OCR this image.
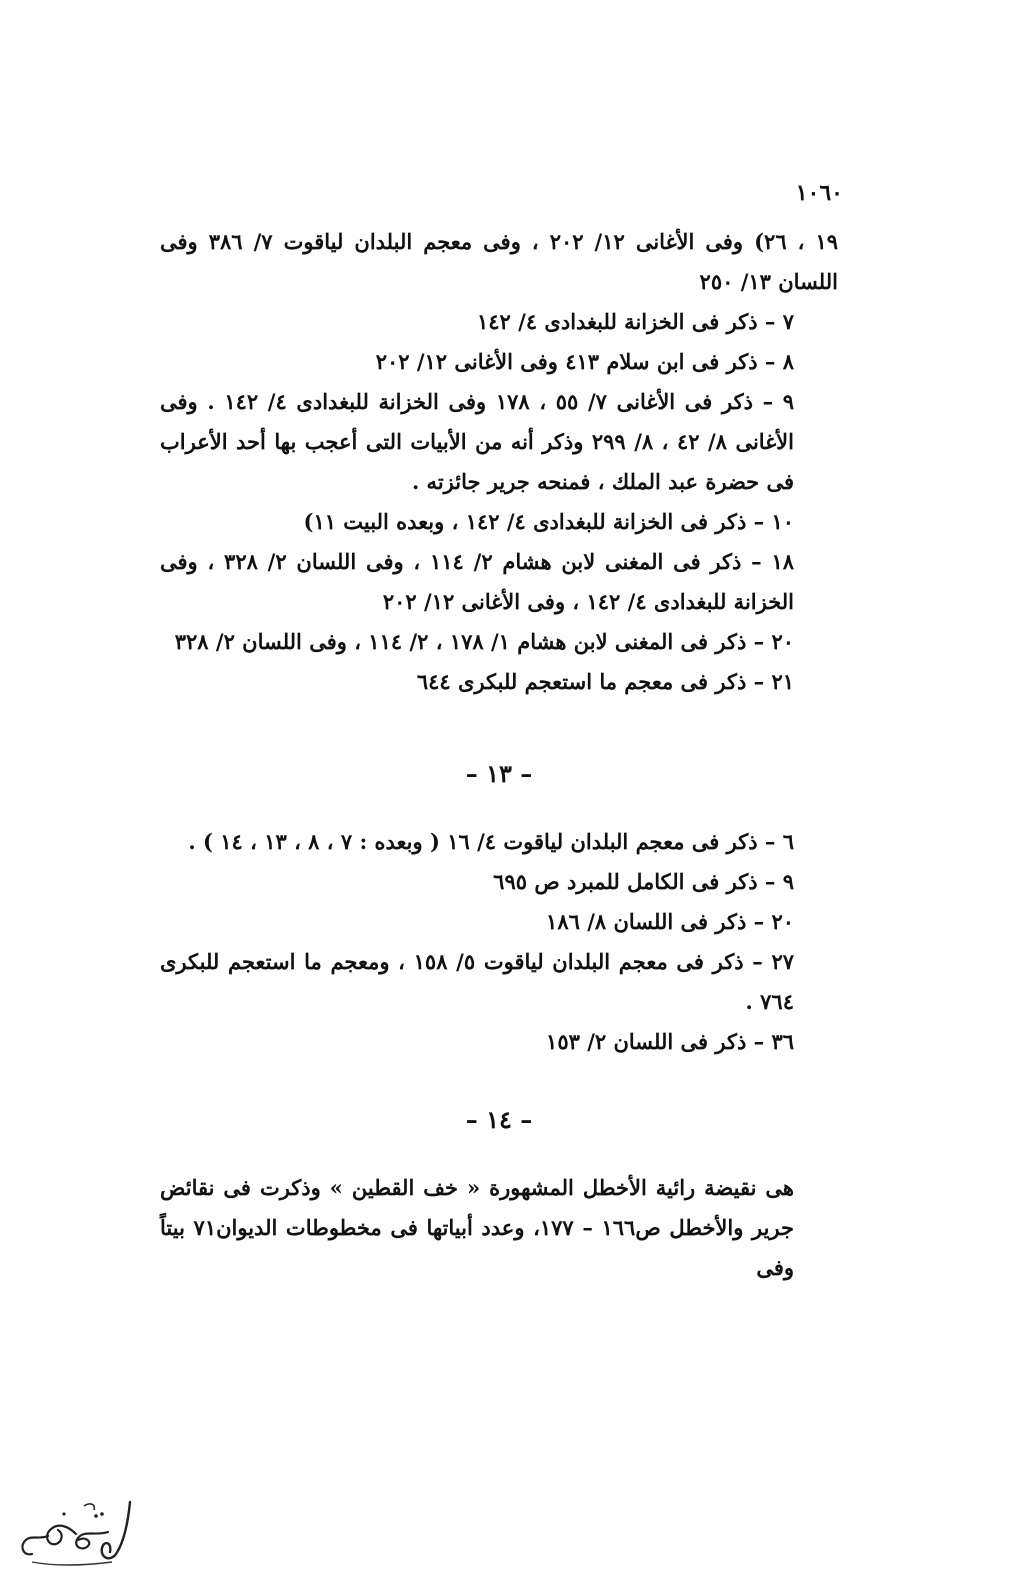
١٠٦٠

١٩ ، ٢٦) وفى الأغانى ١٢/ ٢٠٢ ، وفى معجم البلدان لياقوت ٧/ ٣٨٦ وفى اللسان ١٣/ ٢٥٠

٧ – ذكر فى الخزانة للبغدادى ٤/ ١٤٢

٨ – ذكر فى ابن سلام ٤١٣ وفى الأغانى ١٢/ ٢٠٢

٩ – ذكر فى الأغانى ٧/ ٥٥ ، ١٧٨ وفى الخزانة للبغدادى ٤/ ١٤٢ . وفى الأغانى ٨/ ٤٢ ، ٨/ ٢٩٩ وذكر أنه من الأبيات التى أعجب بها أحد الأعراب فى حضرة عبد الملك ، فمنحه جرير جائزته .

١٠ – ذكر فى الخزانة للبغدادى ٤/ ١٤٢ ، وبعده البيت ١١)

١٨ – ذكر فى المغنى لابن هشام ٢/ ١١٤ ، وفى اللسان ٢/ ٣٢٨ ، وفى الخزانة للبغدادى ٤/ ١٤٢ ، وفى الأغانى ١٢/ ٢٠٢

٢٠ – ذكر فى المغنى لابن هشام ١/ ١٧٨ ، ٢/ ١١٤ ، وفى اللسان ٢/ ٣٢٨

٢١ – ذكر فى معجم ما استعجم للبكرى ٦٤٤

– ١٣ –

٦ – ذكر فى معجم البلدان لياقوت ٤/ ١٦ ( وبعده : ٧ ، ٨ ، ١٣ ، ١٤ ) .

٩ – ذكر فى الكامل للمبرد ص ٦٩٥

٢٠ – ذكر فى اللسان ٨/ ١٨٦

٢٧ – ذكر فى معجم البلدان لياقوت ٥/ ١٥٨ ، ومعجم ما استعجم للبكرى ٧٦٤ .

٣٦ – ذكر فى اللسان ٢/ ١٥٣

– ١٤ –

هى نقيضة رائية الأخطل المشهورة « خف القطين » وذكرت فى نقائض جرير والأخطل ص١٦٦ – ١٧٧، وعدد أبياتها فى مخطوطات الديوان٧١ بيتاً وفى
